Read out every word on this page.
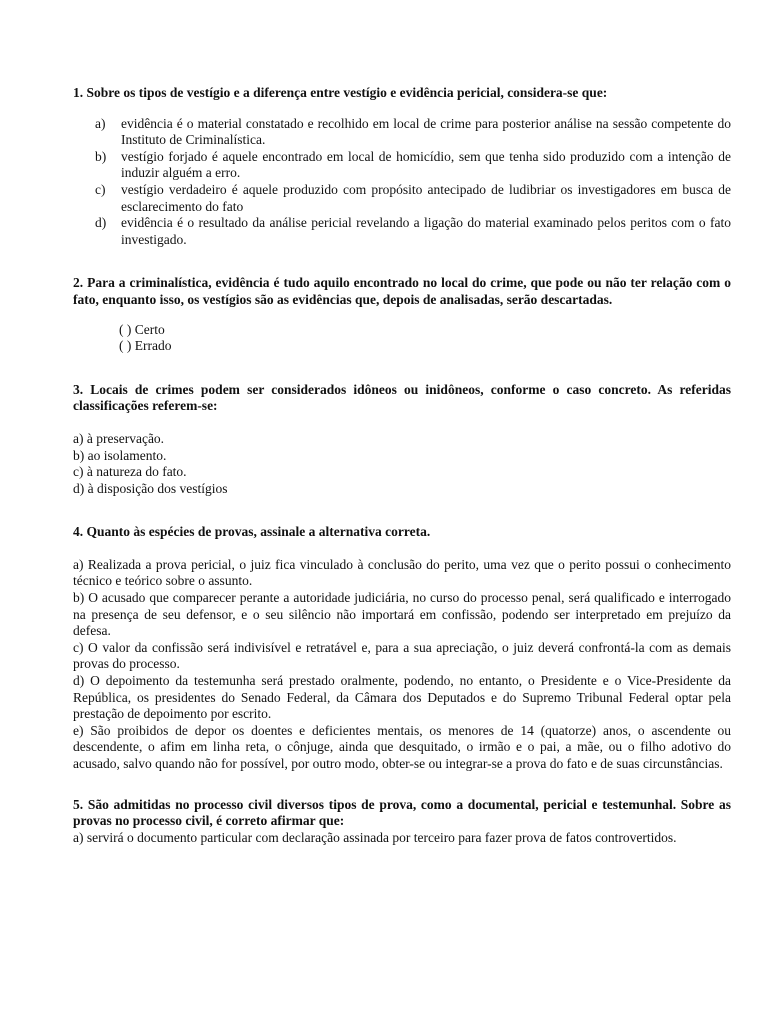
1. Sobre os tipos de vestígio e a diferença entre vestígio e evidência pericial, considera-se que:

a)	evidência é o material constatado e recolhido em local de crime para posterior análise na sessão competente do Instituto de Criminalística.
b)	vestígio forjado é aquele encontrado em local de homicídio, sem que tenha sido produzido com a intenção de induzir alguém a erro.
c)	vestígio verdadeiro é aquele produzido com propósito antecipado de ludibriar os investigadores em busca de esclarecimento do fato
d)	evidência é o resultado da análise pericial revelando a ligação do material examinado pelos peritos com o fato investigado.

2. Para a criminalística, evidência é tudo aquilo encontrado no local do crime, que pode ou não ter relação com o fato, enquanto isso, os vestígios são as evidências que, depois de analisadas, serão descartadas.

( ) Certo
( ) Errado

3. Locais de crimes podem ser considerados idôneos ou inidôneos, conforme o caso concreto. As referidas classificações referem-se:

a) à preservação.
b) ao isolamento.
c) à natureza do fato.
d) à disposição dos vestígios

4. Quanto às espécies de provas, assinale a alternativa correta.

a) Realizada a prova pericial, o juiz fica vinculado à conclusão do perito, uma vez que o perito possui o conhecimento técnico e teórico sobre o assunto.
b) O acusado que comparecer perante a autoridade judiciária, no curso do processo penal, será qualificado e interrogado na presença de seu defensor, e o seu silêncio não importará em confissão, podendo ser interpretado em prejuízo da defesa.
c) O valor da confissão será indivisível e retratável e, para a sua apreciação, o juiz deverá confrontá-la com as demais provas do processo.
d) O depoimento da testemunha será prestado oralmente, podendo, no entanto, o Presidente e o Vice-Presidente da República, os presidentes do Senado Federal, da Câmara dos Deputados e do Supremo Tribunal Federal optar pela prestação de depoimento por escrito.
e) São proibidos de depor os doentes e deficientes mentais, os menores de 14 (quatorze) anos, o ascendente ou descendente, o afim em linha reta, o cônjuge, ainda que desquitado, o irmão e o pai, a mãe, ou o filho adotivo do acusado, salvo quando não for possível, por outro modo, obter-se ou integrar-se a prova do fato e de suas circunstâncias.

5. São admitidas no processo civil diversos tipos de prova, como a documental, pericial e testemunhal. Sobre as provas no processo civil, é correto afirmar que:

a) servirá o documento particular com declaração assinada por terceiro para fazer prova de fatos controvertidos.
